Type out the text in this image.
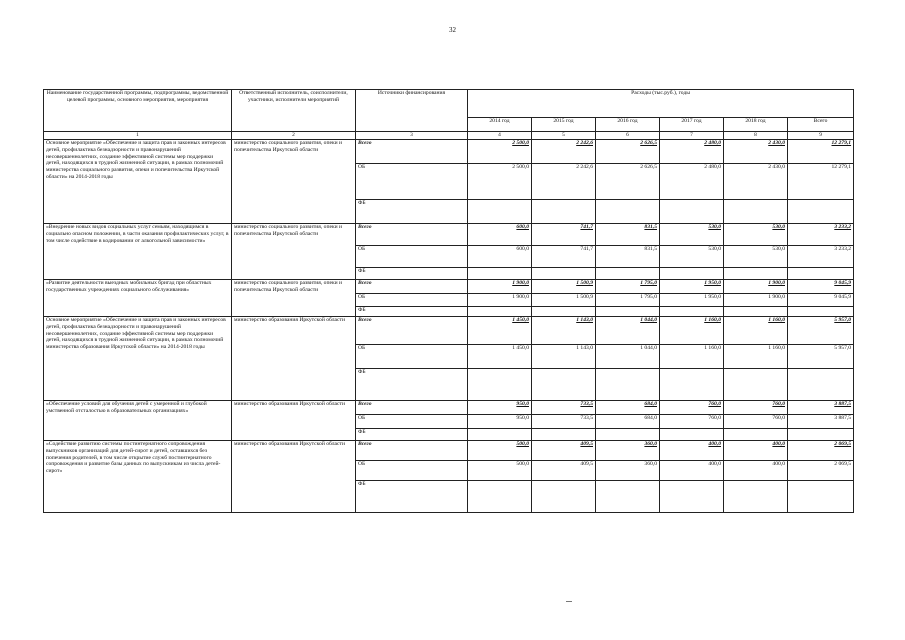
32
Наименование государственной программы, подпрограммы, ведомственной целевой программы, основного мероприятия, мероприятия	Ответственный исполнитель, соисполнители, участники, исполнители мероприятий	Источники финансирования	Расходы (тыс.руб.), годы					
			2014 год	2015 год	2016 год	2017 год	2018 год	Всего
1	2	3	4	5	6	7	8	9
Основное мероприятие «Обеспечение и защита прав и законных интересов детей, профилактика безнадзорности и правонарушений несовершеннолетних, создание эффективной системы мер поддержки детей, находящихся в трудной жизненной ситуации, в рамках полномочий министерства социального развития, опеки и попечительства Иркутской области» на 2014-2018 годы	министерство социального развития, опеки и попечительства Иркутской области	Всего	2 500,0	2 242,6	2 626,5	2 480,0	2 430,0	12 279,1
		ОБ	2 500,0	2 242,6	2 626,5	2 480,0	2 430,0	12 279,1
		ФБ						
«Внедрение новых видов социальных услуг семьям, находящимся в социально опасном положении, в части оказания профилактических услуг, в том числе содействие в кодировании от алкогольной зависимости»	министерство социального развития, опеки и попечительства Иркутской области	Всего	600,0	741,7	831,5	530,0	530,0	3 233,2
		ОБ	600,0	741,7	831,5	530,0	530,0	3 233,2
		ФБ						
«Развитие деятельности выездных мобильных бригад при областных государственных учреждениях социального обслуживания»	министерство социального развития, опеки и попечительства Иркутской области	Всего	1 900,0	1 500,9	1 795,0	1 950,0	1 900,0	9 045,9
		ОБ	1 900,0	1 500,9	1 795,0	1 950,0	1 900,0	9 045,9
		ФБ						
Основное мероприятие «Обеспечение и защита прав и законных интересов детей, профилактика безнадзорности и правонарушений несовершеннолетних, создание эффективной системы мер поддержки детей, находящихся в трудной жизненной ситуации, в рамках полномочий министерства образования Иркутской области» на 2014-2018 годы	министерство образования Иркутской области	Всего	1 450,0	1 143,0	1 044,0	1 160,0	1 160,0	5 957,0
		ОБ	1 450,0	1 143,0	1 044,0	1 160,0	1 160,0	5 957,0
		ФБ						
«Обеспечение условий для обучения детей с умеренной и глубокой умственной отсталостью в образовательных организациях»	министерство образования Иркутской области	Всего	950,0	733,5	684,0	760,0	760,0	3 887,5
		ОБ	950,0	733,5	684,0	760,0	760,0	3 887,5
		ФБ						
«Содействие развитию системы постинтернатного сопровождения выпускников организаций для детей-сирот и детей, оставшихся без попечения родителей, в том числе открытие служб постинтернатного сопровождения и развитие базы данных по выпускникам из числа детей-сирот»	министерство образования Иркутской области	Всего	500,0	409,5	360,0	400,0	400,0	2 069,5
		ОБ	500,0	409,5	360,0	400,0	400,0	2 069,5
		ФБ						
